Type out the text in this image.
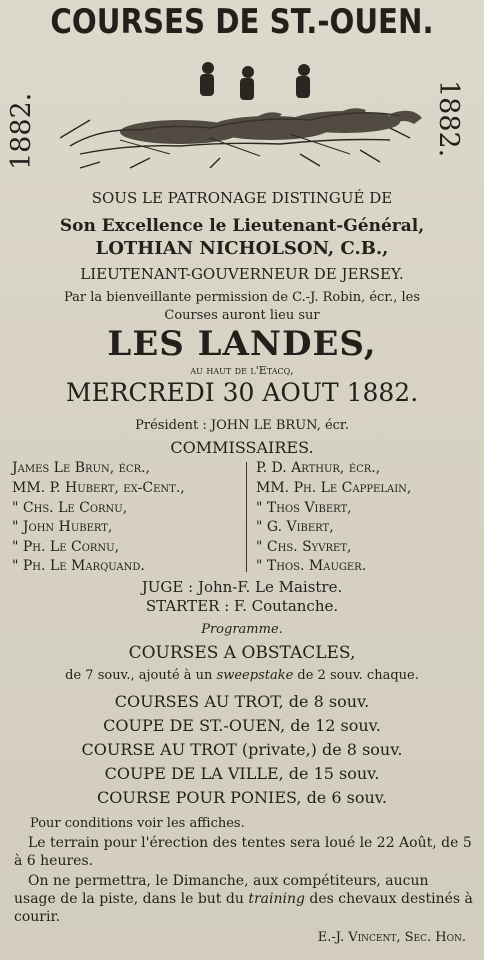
COURSES DE ST.-OUEN.
1882.	1882.
SOUS LE PATRONAGE DISTINGUÉ DE
Son Excellence le Lieutenant-Général,
LOTHIAN NICHOLSON, C.B.,
LIEUTENANT-GOUVERNEUR DE JERSEY.
Par la bienveillante permission de C.-J. Robin, écr., les
Courses auront lieu sur
LES LANDES,
au haut de l'Etacq,
MERCREDI 30 AOUT 1882.
Président : JOHN LE BRUN, écr.
COMMISSAIRES.
James Le Brun, écr.,
MM. P. Hubert, ex-Cent.,
" Chs. Le Cornu,
" John Hubert,
" Ph. Le Cornu,
" Ph. Le Marquand.
P. D. Arthur, écr.,
MM. Ph. Le Cappelain,
" Thos Vibert,
" G. Vibert,
" Chs. Syvret,
" Thos. Mauger.
JUGE : John-F. Le Maistre.
STARTER : F. Coutanche.
Programme.
COURSES A OBSTACLES,
de 7 souv., ajouté à un sweepstake de 2 souv. chaque.
COURSES AU TROT, de 8 souv.
COUPE DE ST.-OUEN, de 12 souv.
COURSE AU TROT (private,) de 8 souv.
COUPE DE LA VILLE, de 15 souv.
COURSE POUR PONIES, de 6 souv.
Pour conditions voir les affiches.
Le terrain pour l'érection des tentes sera loué le 22 Août, de 5 à 6 heures.
On ne permettra, le Dimanche, aux compétiteurs, aucun usage de la piste, dans le but du training des chevaux destinés à courir.
E.-J. Vincent, Sec. Hon.
